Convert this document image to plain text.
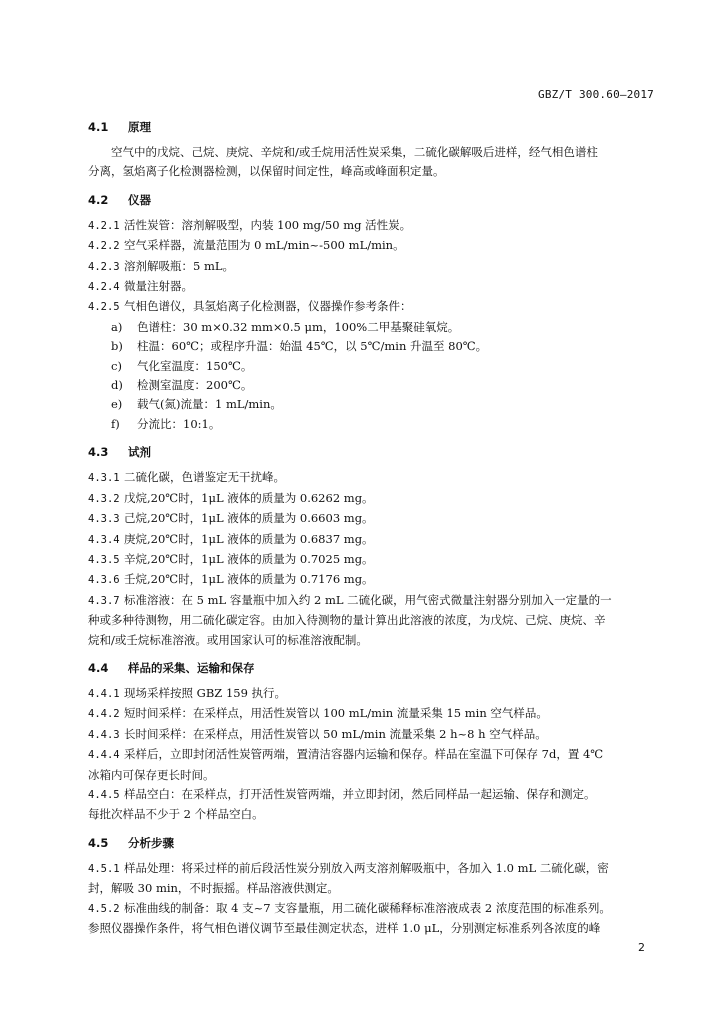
GBZ/T 300.60—2017
4.1 原理
空气中的戊烷、己烷、庚烷、辛烷和/或壬烷用活性炭采集，二硫化碳解吸后进样，经气相色谱柱
分离，氢焰离子化检测器检测，以保留时间定性，峰高或峰面积定量。
4.2 仪器
4.2.1 活性炭管：溶剂解吸型，内装 100 mg/50 mg 活性炭。
4.2.2 空气采样器，流量范围为 0 mL/min~-500 mL/min。
4.2.3 溶剂解吸瓶：5 mL。
4.2.4 微量注射器。
4.2.5 气相色谱仪，具氢焰离子化检测器，仪器操作参考条件：
a) 色谱柱：30 m×0.32 mm×0.5 μm，100%二甲基聚硅氧烷。
b) 柱温：60℃；或程序升温：始温 45℃，以 5℃/min 升温至 80℃。
c) 气化室温度：150℃。
d) 检测室温度：200℃。
e) 载气(氮)流量：1 mL/min。
f) 分流比：10:1。
4.3 试剂
4.3.1 二硫化碳，色谱鉴定无干扰峰。
4.3.2 戊烷,20℃时，1μL 液体的质量为 0.6262 mg。
4.3.3 己烷,20℃时，1μL 液体的质量为 0.6603 mg。
4.3.4 庚烷,20℃时，1μL 液体的质量为 0.6837 mg。
4.3.5 辛烷,20℃时，1μL 液体的质量为 0.7025 mg。
4.3.6 壬烷,20℃时，1μL 液体的质量为 0.7176 mg。
4.3.7 标准溶液：在 5 mL 容量瓶中加入约 2 mL 二硫化碳，用气密式微量注射器分别加入一定量的一
种或多种待测物，用二硫化碳定容。由加入待测物的量计算出此溶液的浓度，为戊烷、己烷、庚烷、辛
烷和/或壬烷标准溶液。或用国家认可的标准溶液配制。
4.4 样品的采集、运输和保存
4.4.1 现场采样按照 GBZ 159 执行。
4.4.2 短时间采样：在采样点，用活性炭管以 100 mL/min 流量采集 15 min 空气样品。
4.4.3 长时间采样：在采样点，用活性炭管以 50 mL/min 流量采集 2 h~8 h 空气样品。
4.4.4 采样后，立即封闭活性炭管两端，置清洁容器内运输和保存。样品在室温下可保存 7d，置 4℃
冰箱内可保存更长时间。
4.4.5 样品空白：在采样点，打开活性炭管两端，并立即封闭，然后同样品一起运输、保存和测定。
每批次样品不少于 2 个样品空白。
4.5 分析步骤
4.5.1 样品处理：将采过样的前后段活性炭分别放入两支溶剂解吸瓶中，各加入 1.0 mL 二硫化碳，密
封，解吸 30 min，不时振摇。样品溶液供测定。
4.5.2 标准曲线的制备：取 4 支~7 支容量瓶，用二硫化碳稀释标准溶液成表 2 浓度范围的标准系列。
参照仪器操作条件，将气相色谱仪调节至最佳测定状态，进样 1.0 μL，分别测定标准系列各浓度的峰
2
